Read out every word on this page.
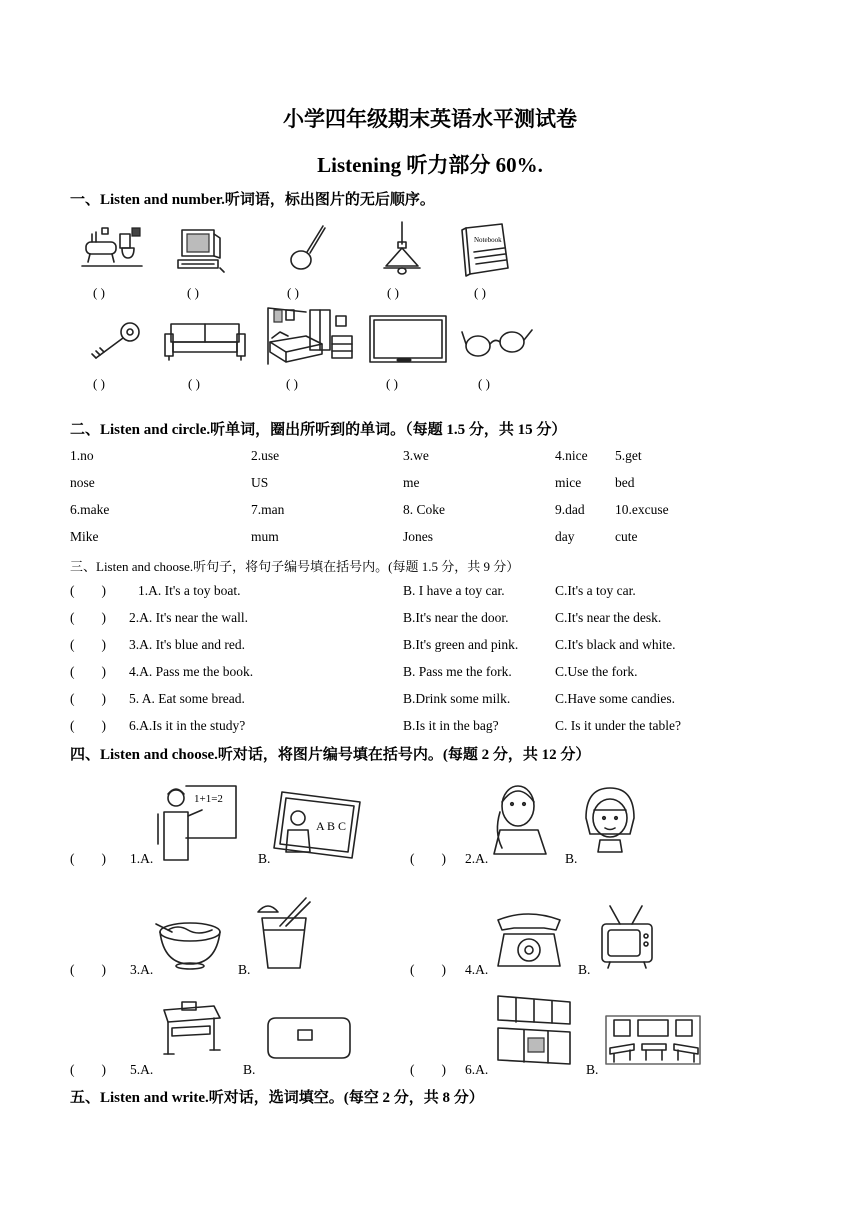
小学四年级期末英语水平测试卷
Listening 听力部分 60%.
一、Listen and number.听词语，标出图片的无后顺序。
Notebook
( )	( )	( )	( )	( )
( )	( )	( )	( )	( )
二、Listen and circle.听单词，圈出所听到的单词。（每题 1.5 分，共 15 分）
1.no	2.use	3.we	4.nice 5.get
nose	US	me	mice	bed
6.make	7.man	8. Coke	9.dad 10.excuse
Mike	mum	Jones	day	cute
三、Listen and choose.听句子，将句子编号填在括号内。(每题 1.5 分，共 9 分）
(        ) 1.A. It's a toy boat.	B. I have a toy car.	C.It's a toy car.
(        ) 2.A. It's near the wall.	B.It's near the door.	C.It's near the desk.
(        ) 3.A. It's blue and red.	B.It's green and pink.	C.It's black and white.
(        ) 4.A. Pass me the book.	B. Pass me the fork.	C.Use the fork.
(        ) 5. A. Eat some bread.	B.Drink some milk.	C.Have some candies.
(        ) 6.A.Is it in the study?	B.Is it in the bag?	C. Is it under the table?
四、Listen and choose.听对话，将图片编号填在括号内。(每题 2 分，共 12 分）
1+1=2
A B C
(        ) 1.A.	B.	(        ) 2.A.	B.
(        ) 3.A.	B.	(        ) 4.A.	B.
(        ) 5.A.	B.	(        ) 6.A.	B.
五、Listen and write.听对话，选词填空。(每空 2 分，共 8 分）
